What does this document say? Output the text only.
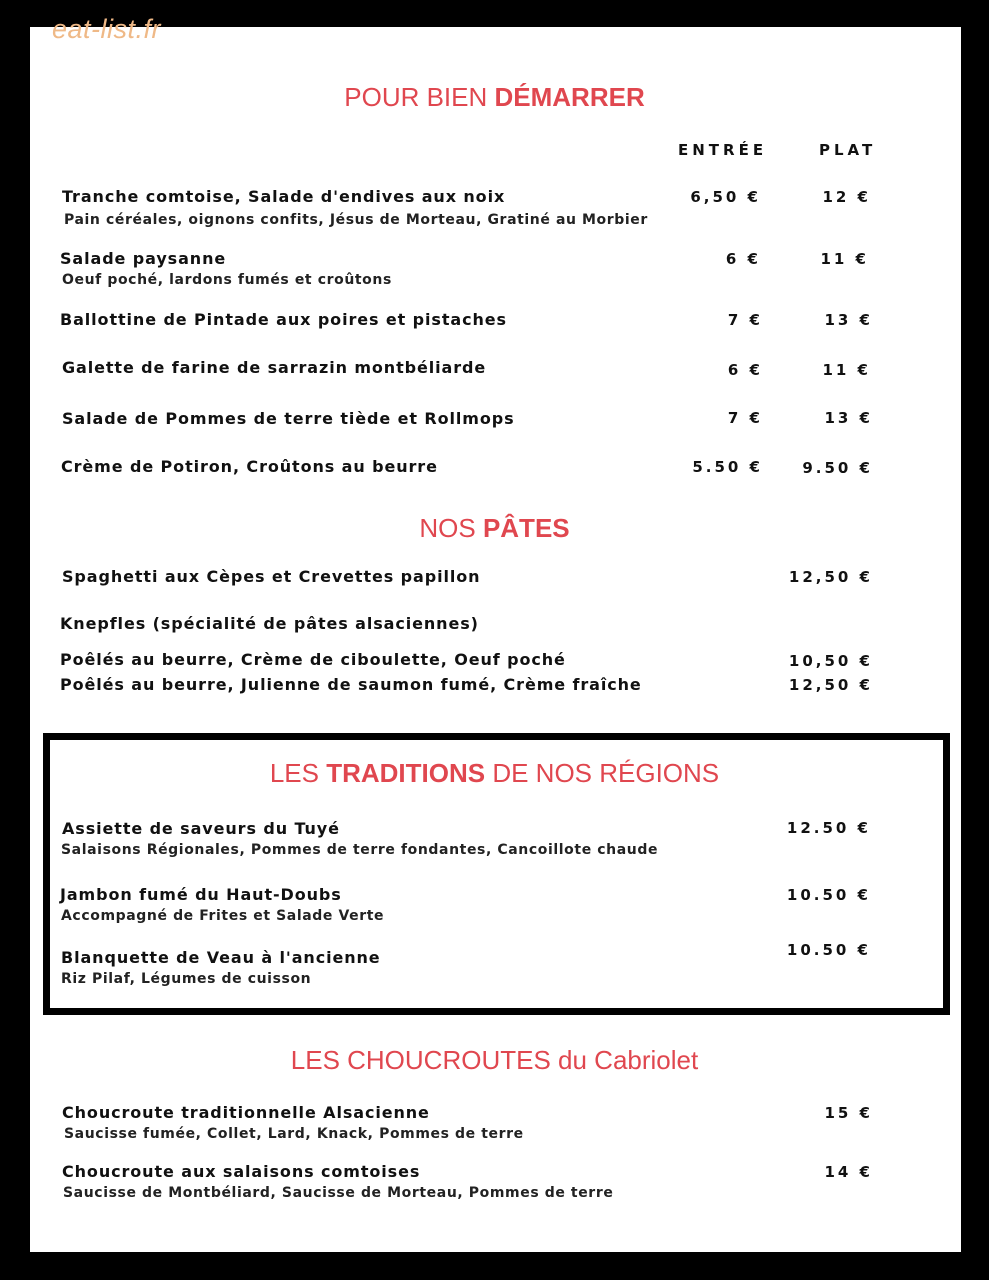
eat-list.fr
POUR BIEN DÉMARRER
ENTRÉE	PLAT
Tranche comtoise, Salade d'endives aux noix
Pain céréales, oignons confits, Jésus de Morteau, Gratiné au Morbier
6,50 €	12 €
Salade paysanne
Oeuf poché, lardons fumés et croûtons
6 €	11 €
Ballottine de Pintade aux poires et pistaches	7 €	13 €
Galette de farine de sarrazin montbéliarde	6 €	11 €
Salade de Pommes de terre tiède et Rollmops	7 €	13 €
Crème de Potiron, Croûtons au beurre	5.50 €	9.50 €
NOS PÂTES
Spaghetti aux Cèpes et Crevettes papillon	12,50 €
Knepfles (spécialité de pâtes alsaciennes)
Poêlés au beurre, Crème de ciboulette, Oeuf poché	10,50 €
Poêlés au beurre, Julienne de saumon fumé, Crème fraîche	12,50 €
LES TRADITIONS DE NOS RÉGIONS
Assiette de saveurs du Tuyé
Salaisons Régionales, Pommes de terre fondantes, Cancoillote chaude
12.50 €
Jambon fumé du Haut-Doubs
Accompagné de Frites et Salade Verte
10.50 €
Blanquette de Veau à l'ancienne
Riz Pilaf, Légumes de cuisson
10.50 €
LES CHOUCROUTES du Cabriolet
Choucroute traditionnelle Alsacienne
Saucisse fumée, Collet, Lard, Knack, Pommes de terre
15 €
Choucroute aux salaisons comtoises
Saucisse de Montbéliard, Saucisse de Morteau, Pommes de terre
14 €
